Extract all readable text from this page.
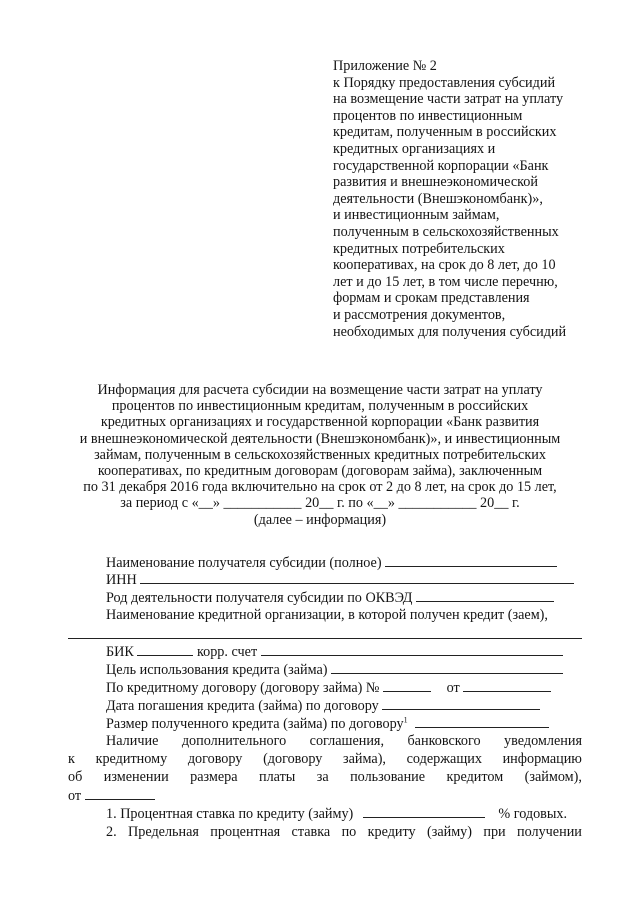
Приложение № 2
к Порядку предоставления субсидий
на возмещение части затрат на уплату
процентов по инвестиционным
кредитам, полученным в российских
кредитных организациях и
государственной корпорации «Банк
развития и внешнеэкономической
деятельности (Внешэкономбанк)»,
и инвестиционным займам,
полученным в сельскохозяйственных
кредитных потребительских
кооперативах, на срок до 8 лет, до 10
лет и до 15 лет, в том числе перечню,
формам и срокам представления
и рассмотрения документов,
необходимых для получения субсидий
Информация для расчета субсидии на возмещение части затрат на уплату
процентов по инвестиционным кредитам, полученным в российских
кредитных организациях и государственной корпорации «Банк развития
и внешнеэкономической деятельности (Внешэкономбанк)», и инвестиционным
займам, полученным в сельскохозяйственных кредитных потребительских
кооперативах, по кредитным договорам (договорам займа), заключенным
по 31 декабря 2016 года включительно на срок от 2 до 8 лет, на срок до 15 лет,
за период с «__» ___________ 20__ г. по «__» ___________ 20__ г.
(далее – информация)
Наименование получателя субсидии (полное)
ИНН
Род деятельности получателя субсидии по ОКВЭД
Наименование кредитной организации, в которой получен кредит (заем),
БИК	корр. счет
Цель использования кредита (займа)
По кредитному договору (договору займа) №	от
Дата погашения кредита (займа) по договору
Размер полученного кредита (займа) по договору$^1$
Наличие дополнительного соглашения, банковского уведомления
к кредитному договору (договору займа), содержащих информацию
об изменении размера платы за пользование кредитом (займом),
от
1. Процентная ставка по кредиту (займу)	% годовых.
2. Предельная процентная ставка по кредиту (займу) при получении
